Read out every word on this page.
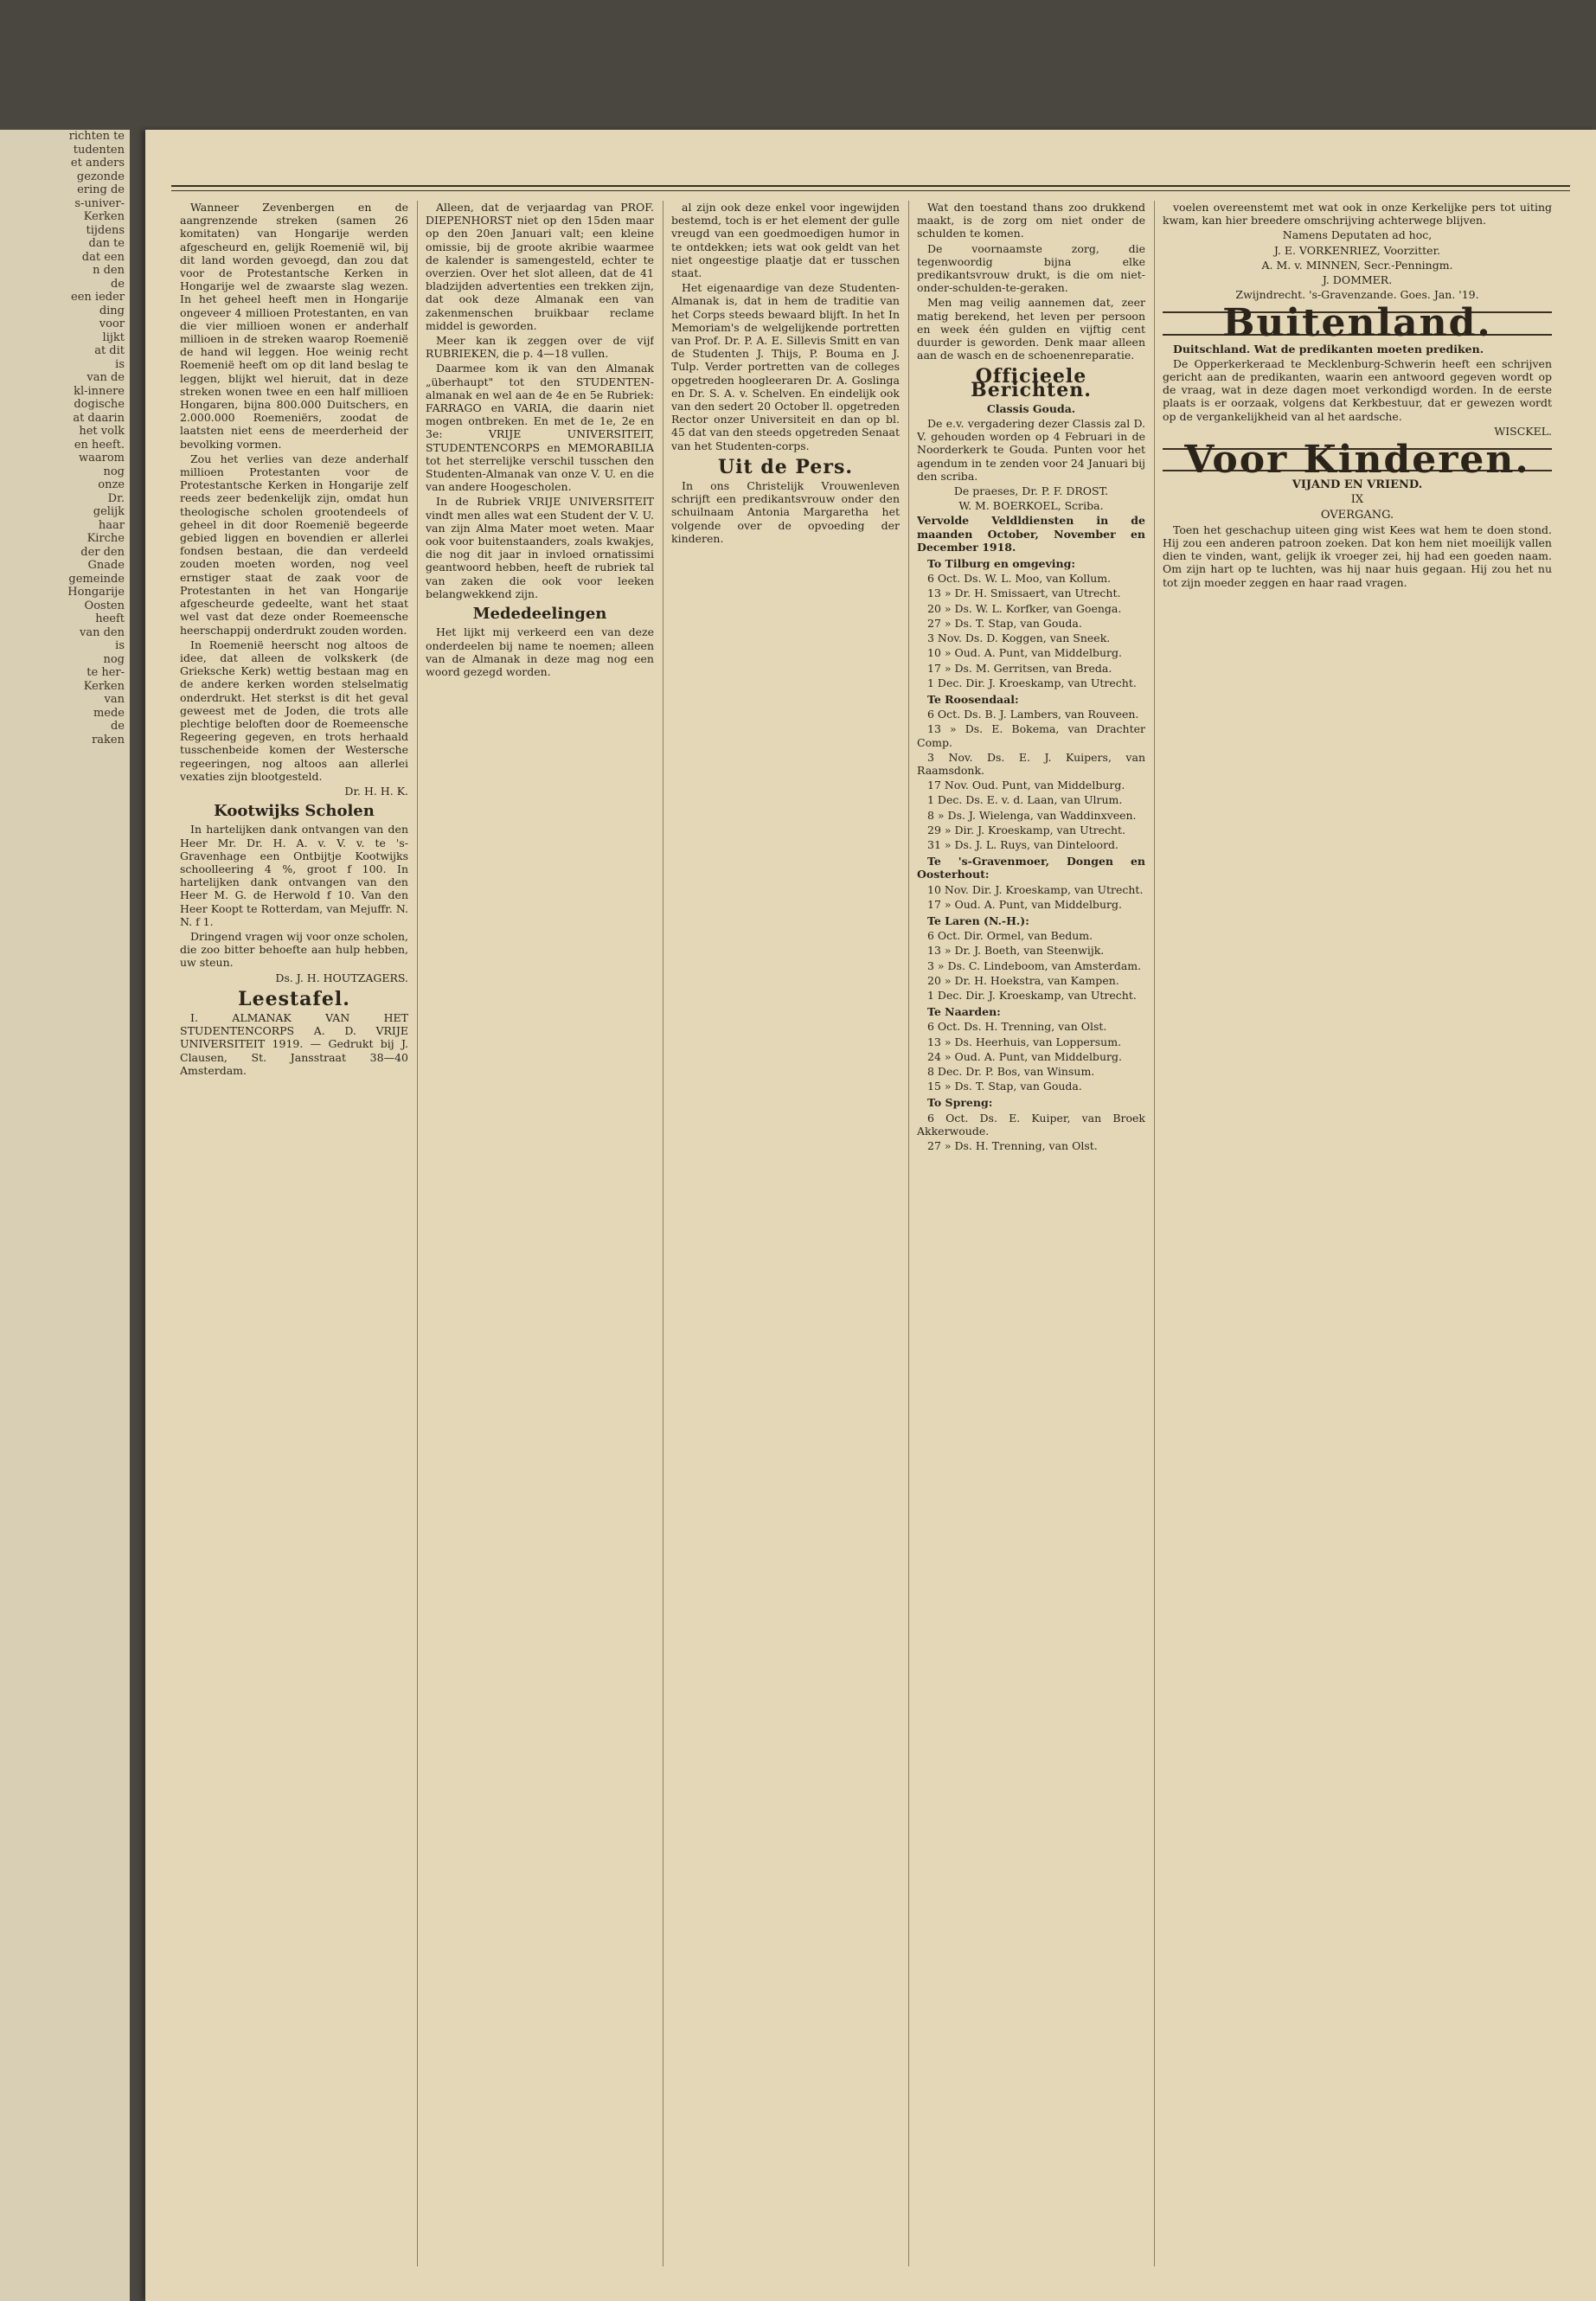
richten te
tudenten
et anders
gezonde
ering de
s-univer-
Kerken
tijdens
dan te
dat een
n den
de
een ieder
ding
voor
lijkt
at dit
is
van de
kl-innere
dogische
at daarin
het volk
en heeft.
waarom
nog
onze
Dr.
gelijk
haar
Kirche
der den
Gnade
gemeinde
Hongarije
Oosten
heeft
van den
is
nog
te her-
Kerken
van
mede
de
raken

Wanneer Zevenbergen en de aangrenzende streken (samen 26 komitaten) van Hongarije werden afgescheurd en, gelijk Roemenië wil, bij dit land worden gevoegd, dan zou dat voor de Protestantsche Kerken in Hongarije wel de zwaarste slag wezen. In het geheel heeft men in Hongarije ongeveer 4 millioen Protestanten, en van die vier millioen wonen er anderhalf millioen in de streken waarop Roemenië de hand wil leggen. Hoe weinig recht Roemenië heeft om op dit land beslag te leggen, blijkt wel hieruit, dat in deze streken wonen twee en een half millioen Hongaren, bijna 800.000 Duitschers, en 2.000.000 Roemeniërs, zoodat de laatsten niet eens de meerderheid der bevolking vormen.

Zou het verlies van deze anderhalf millioen Protestanten voor de Protestantsche Kerken in Hongarije zelf reeds zeer bedenkelijk zijn, omdat hun theologische scholen grootendeels of geheel in dit door Roemenië begeerde gebied liggen en bovendien er allerlei fondsen bestaan, die dan verdeeld zouden moeten worden, nog veel ernstiger staat de zaak voor de Protestanten in het van Hongarije afgescheurde gedeelte, want het staat wel vast dat deze onder Roemeensche heerschappij onderdrukt zouden worden.

In Roemenië heerscht nog altoos de idee, dat alleen de volkskerk (de Grieksche Kerk) wettig bestaan mag en de andere kerken worden stelselmatig onderdrukt. Het sterkst is dit het geval geweest met de Joden, die trots alle plechtige beloften door de Roemeensche Regeering gegeven, en trots herhaald tusschenbeide komen der Westersche regeeringen, nog altoos aan allerlei vexaties zijn blootgesteld.

Dr. H. H. K.
Kootwijks Scholen

In hartelijken dank ontvangen van den Heer Mr. Dr. H. A. v. V. v. te 's-Gravenhage een Ontbijtje Kootwijks schoolleering 4 %, groot f 100. In hartelijken dank ontvangen van den Heer M. G. de Herwold f 10. Van den Heer Koopt te Rotterdam, van Mejuffr. N. N. f 1.

Dringend vragen wij voor onze scholen, die zoo bitter behoefte aan hulp hebben, uw steun.

Ds. J. H. HOUTZAGERS.
Leestafel.

I. ALMANAK VAN HET STUDENTENCORPS A. D. VRIJE UNIVERSITEIT 1919. — Gedrukt bij J. Clausen, St. Jansstraat 38—40 Amsterdam.

Alleen, dat de verjaardag van PROF. DIEPENHORST niet op den 15den maar op den 20en Januari valt; een kleine omissie, bij de groote akribie waarmee de kalender is samengesteld, echter te overzien. Over het slot alleen, dat de 41 bladzijden advertenties een trekken zijn, dat ook deze Almanak een van zakenmenschen bruikbaar reclame middel is geworden.

Meer kan ik zeggen over de vijf RUBRIEKEN, die p. 4—18 vullen.

Daarmee kom ik van den Almanak „überhaupt" tot den STUDENTEN-almanak en wel aan de 4e en 5e Rubriek: FARRAGO en VARIA, die daarin niet mogen ontbreken. En met de 1e, 2e en 3e: VRIJE UNIVERSITEIT, STUDENTENCORPS en MEMORABILIA tot het sterrelijke verschil tusschen den Studenten-Almanak van onze V. U. en die van andere Hoogescholen.

In de Rubriek VRIJE UNIVERSITEIT vindt men alles wat een Student der V. U. van zijn Alma Mater moet weten. Maar ook voor buitenstaanders, zoals kwakjes, die nog dit jaar in invloed ornatissimi geantwoord hebben, heeft de rubriek tal van zaken die ook voor leeken belangwekkend zijn.

Mededeelingen

Het lijkt mij verkeerd een van deze onderdeelen bij name te noemen; alleen van de Almanak in deze mag nog een woord gezegd worden.

al zijn ook deze enkel voor ingewijden bestemd, toch is er het element der gulle vreugd van een goedmoedigen humor in te ontdekken; iets wat ook geldt van het niet ongeestige plaatje dat er tusschen staat.

Het eigenaardige van deze Studenten-Almanak is, dat in hem de traditie van het Corps steeds bewaard blijft. In het In Memoriam's de welgelijkende portretten van Prof. Dr. P. A. E. Sillevis Smitt en van de Studenten J. Thijs, P. Bouma en J. Tulp. Verder portretten van de colleges opgetreden hoogleeraren Dr. A. Goslinga en Dr. S. A. v. Schelven. En eindelijk ook van den sedert 20 October ll. opgetreden Rector onzer Universiteit en dan op bl. 45 dat van den steeds opgetreden Senaat van het Studenten-corps.

Uit de Pers.

In ons Christelijk Vrouwenleven schrijft een predikantsvrouw onder den schuilnaam Antonia Margaretha het volgende over de opvoeding der kinderen.

Wat den toestand thans zoo drukkend maakt, is de zorg om niet onder de schulden te komen.

De voornaamste zorg, die tegenwoordig bijna elke predikantsvrouw drukt, is die om niet-onder-schulden-te-geraken.

Men mag veilig aannemen dat, zeer matig berekend, het leven per persoon en week één gulden en vijftig cent duurder is geworden. Denk maar alleen aan de wasch en de schoenenreparatie.

Officieele Berichten.
Classis Gouda.

De e.v. vergadering dezer Classis zal D. V. gehouden worden op 4 Februari in de Noorderkerk te Gouda. Punten voor het agendum in te zenden voor 24 Januari bij den scriba.

De praeses, Dr. P. F. DROST.
W. M. BOERKOEL, Scriba.

Vervolde Veldldiensten in de maanden October, November en December 1918.

To Tilburg en omgeving:

6 Oct. Ds. W. L. Moo, van Kollum.

13 » Dr. H. Smissaert, van Utrecht.

20 » Ds. W. L. Korfker, van Goenga.

27 » Ds. T. Stap, van Gouda.

3 Nov. Ds. D. Koggen, van Sneek.

10 » Oud. A. Punt, van Middelburg.

17 » Ds. M. Gerritsen, van Breda.

1 Dec. Dir. J. Kroeskamp, van Utrecht.

Te Roosendaal:

6 Oct. Ds. B. J. Lambers, van Rouveen.

13 » Ds. E. Bokema, van Drachter Comp.

3 Nov. Ds. E. J. Kuipers, van Raamsdonk.

17 Nov. Oud. Punt, van Middelburg.

1 Dec. Ds. E. v. d. Laan, van Ulrum.

8 » Ds. J. Wielenga, van Waddinxveen.

29 » Dir. J. Kroeskamp, van Utrecht.

31 » Ds. J. L. Ruys, van Dinteloord.

Te 's-Gravenmoer, Dongen en Oosterhout:

10 Nov. Dir. J. Kroeskamp, van Utrecht.

17 » Oud. A. Punt, van Middelburg.

Te Laren (N.-H.):

6 Oct. Dir. Ormel, van Bedum.

13 » Dr. J. Boeth, van Steenwijk.

3 » Ds. C. Lindeboom, van Amsterdam.

20 » Dr. H. Hoekstra, van Kampen.

1 Dec. Dir. J. Kroeskamp, van Utrecht.

Te Naarden:

6 Oct. Ds. H. Trenning, van Olst.

13 » Ds. Heerhuis, van Loppersum.

24 » Oud. A. Punt, van Middelburg.

8 Dec. Dr. P. Bos, van Winsum.

15 » Ds. T. Stap, van Gouda.

To Spreng:

6 Oct. Ds. E. Kuiper, van Broek Akkerwoude.

27 » Ds. H. Trenning, van Olst.

voelen overeenstemt met wat ook in onze Kerkelijke pers tot uiting kwam, kan hier breedere omschrijving achterwege blijven.

Namens Deputaten ad hoc,
J. E. VORKENRIEZ, Voorzitter.
A. M. v. MINNEN, Secr.-Penningm.
J. DOMMER.
Zwijndrecht. 's-Gravenzande. Goes. Jan. '19.
Buitenland.

Duitschland. Wat de predikanten moeten prediken.

De Opperkerkeraad te Mecklenburg-Schwerin heeft een schrijven gericht aan de predikanten, waarin een antwoord gegeven wordt op de vraag, wat in deze dagen moet verkondigd worden. In de eerste plaats is er oorzaak, volgens dat Kerkbestuur, dat er gewezen wordt op de vergankelijkheid van al het aardsche.

WISCKEL.
Voor Kinderen.
VIJAND EN VRIEND.
IX
OVERGANG.

Toen het geschachup uiteen ging wist Kees wat hem te doen stond. Hij zou een anderen patroon zoeken. Dat kon hem niet moeilijk vallen dien te vinden, want, gelijk ik vroeger zei, hij had een goeden naam. Om zijn hart op te luchten, was hij naar huis gegaan. Hij zou het nu tot zijn moeder zeggen en haar raad vragen.
